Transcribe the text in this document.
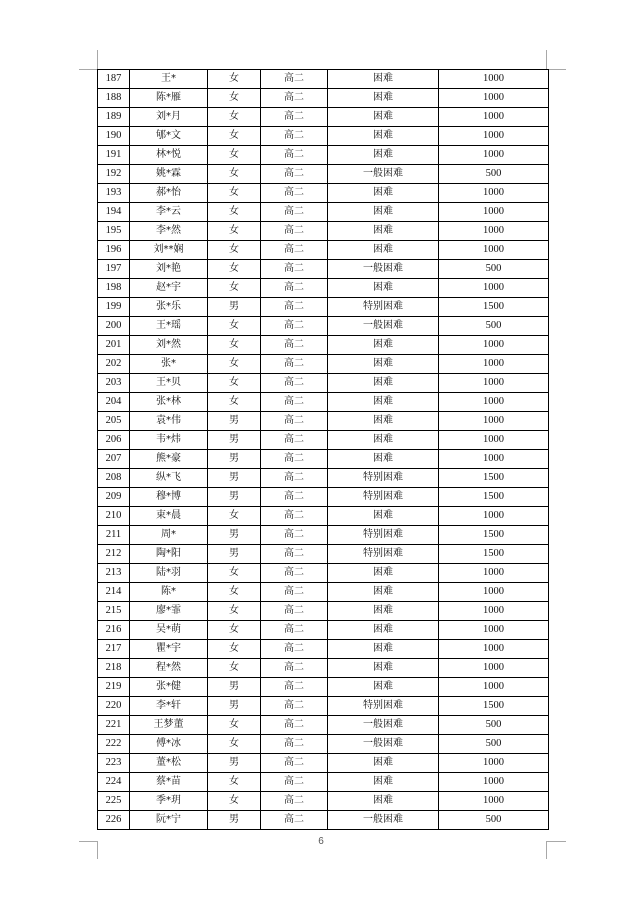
187	王*	女	高二	困难	1000
188	陈*雁	女	高二	困难	1000
189	刘*月	女	高二	困难	1000
190	郇*文	女	高二	困难	1000
191	林*悦	女	高二	困难	1000
192	姚*霖	女	高二	一般困难	500
193	郝*怡	女	高二	困难	1000
194	李*云	女	高二	困难	1000
195	李*然	女	高二	困难	1000
196	刘**娴	女	高二	困难	1000
197	刘*艳	女	高二	一般困难	500
198	赵*宇	女	高二	困难	1000
199	张*乐	男	高二	特别困难	1500
200	王*瑶	女	高二	一般困难	500
201	刘*然	女	高二	困难	1000
202	张*	女	高二	困难	1000
203	王*贝	女	高二	困难	1000
204	张*林	女	高二	困难	1000
205	袁*伟	男	高二	困难	1000
206	韦*炜	男	高二	困难	1000
207	熊*豪	男	高二	困难	1000
208	纵*飞	男	高二	特别困难	1500
209	穆*博	男	高二	特别困难	1500
210	束*晨	女	高二	困难	1000
211	周*	男	高二	特别困难	1500
212	陶*阳	男	高二	特别困难	1500
213	陆*羽	女	高二	困难	1000
214	陈*	女	高二	困难	1000
215	廖*霏	女	高二	困难	1000
216	吴*萌	女	高二	困难	1000
217	瞿*宇	女	高二	困难	1000
218	程*然	女	高二	困难	1000
219	张*健	男	高二	困难	1000
220	李*轩	男	高二	特别困难	1500
221	王梦董	女	高二	一般困难	500
222	傅*冰	女	高二	一般困难	500
223	董*松	男	高二	困难	1000
224	蔡*苗	女	高二	困难	1000
225	季*玥	女	高二	困难	1000
226	阮*宁	男	高二	一般困难	500
6
